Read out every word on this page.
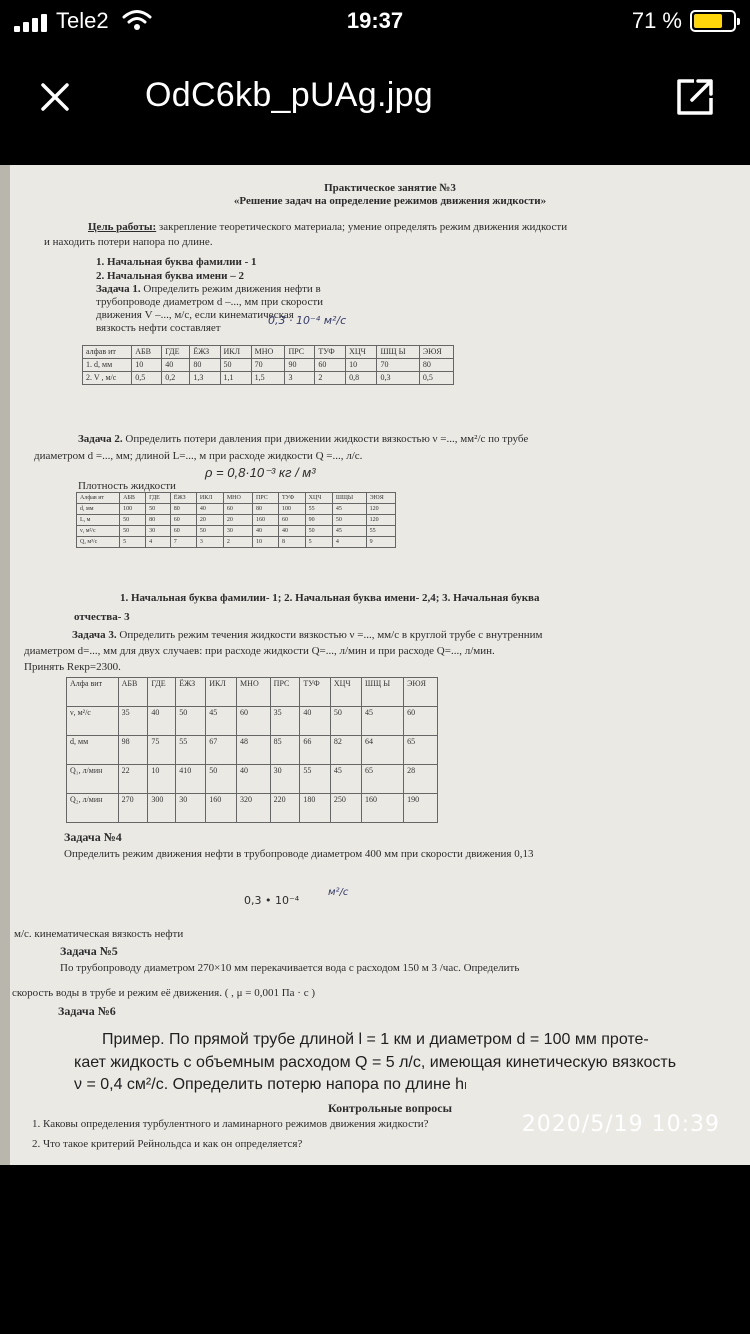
Tele2	19:37	71 %
OdC6kb_pUAg.jpg
Практическое занятие №3
«Решение задач на определение режимов движения жидкости»
Цель работы: закрепление теоретического материала; умение определять режим движения жидкости
и находить потери напора по длине.
1. Начальная буква фамилии - 1
2. Начальная буква имени – 2
Задача 1. Определить режим движения нефти в
трубопроводе диаметром d –..., мм при скорости
движения V –..., м/с, если кинематическая
вязкость нефти составляет
0,3 · 10⁻⁴ м²/с
алфав ит	АБВ	ГДЕ	ЁЖЗ	ИКЛ	МНО	ПРС	ТУФ	ХЦЧ	ШЩ Ы	ЭЮЯ
1. d, мм	10	40	80	50	70	90	60	10	70	80
2. V , м/с	0,5	0,2	1,3	1,1	1,5	3	2	0,8	0,3	0,5
Задача 2. Определить потери давления при движении жидкости вязкостью ν =..., мм²/с по трубе
диаметром d =..., мм; длиной L=..., м при расходе жидкости Q =..., л/с.
ρ = 0,8·10⁻³ кг / м³
Плотность жидкости
Алфав ит	АБВ	ГДЕ	ЁЖЗ	ИКЛ	МНО	ПРС	ТУФ	ХЦЧ	ШЩЫ	ЭЮЯ
d, мм	100	50	80	40	60	80	100	55	45	120
L, м	50	80	60	20	20	160	60	90	50	120
ν, м²/с	50	30	60	50	30	40	40	50	45	55
Q, м³/с	5	4	7	3	2	10	8	5	4	9
1. Начальная буква фамилии- 1; 2. Начальная буква имени- 2,4; 3. Начальная буква
отчества- 3
Задача 3. Определить режим течения жидкости вязкостью ν =..., мм/с в круглой трубе с внутренним
диаметром d=..., мм для двух случаев: при расходе жидкости Q=..., л/мин и при расходе Q=..., л/мин.
Принять Reкр=2300.
Алфа вит	АБВ	ГДЕ	ЁЖЗ	ИКЛ	МНО	ПРС	ТУФ	ХЦЧ	ШЩ Ы	ЭЮЯ
ν, м²/с	35	40	50	45	60	35	40	50	45	60
d, мм	98	75	55	67	48	85	66	82	64	65
Q₁, л/мин	22	10	410	50	40	30	55	45	65	28
Q₂, л/мин	270	300	30	160	320	220	180	250	160	190
Задача №4
Определить режим движения нефти в трубопроводе диаметром 400 мм при скорости движения 0,13
0,3 • 10⁻⁴
м²/с
м/с. кинематическая вязкость нефти
Задача №5
По трубопроводу диаметром 270×10 мм перекачивается вода с расходом 150 м 3 /час. Определить
скорость воды в трубе и режим её движения. ( , μ = 0,001 Па · с )
Задача №6
Пример. По прямой трубе длиной l = 1 км и диаметром d = 100 мм проте-
кает жидкость с объемным расходом Q = 5 л/с, имеющая кинетическую вязкость
ν = 0,4 см²/с. Определить потерю напора по длине hₗ
Контрольные вопросы
1. Каковы определения турбулентного и ламинарного режимов движения жидкости?
2. Что такое критерий Рейнольдса и как он определяется?
2020/5/19 10:39
